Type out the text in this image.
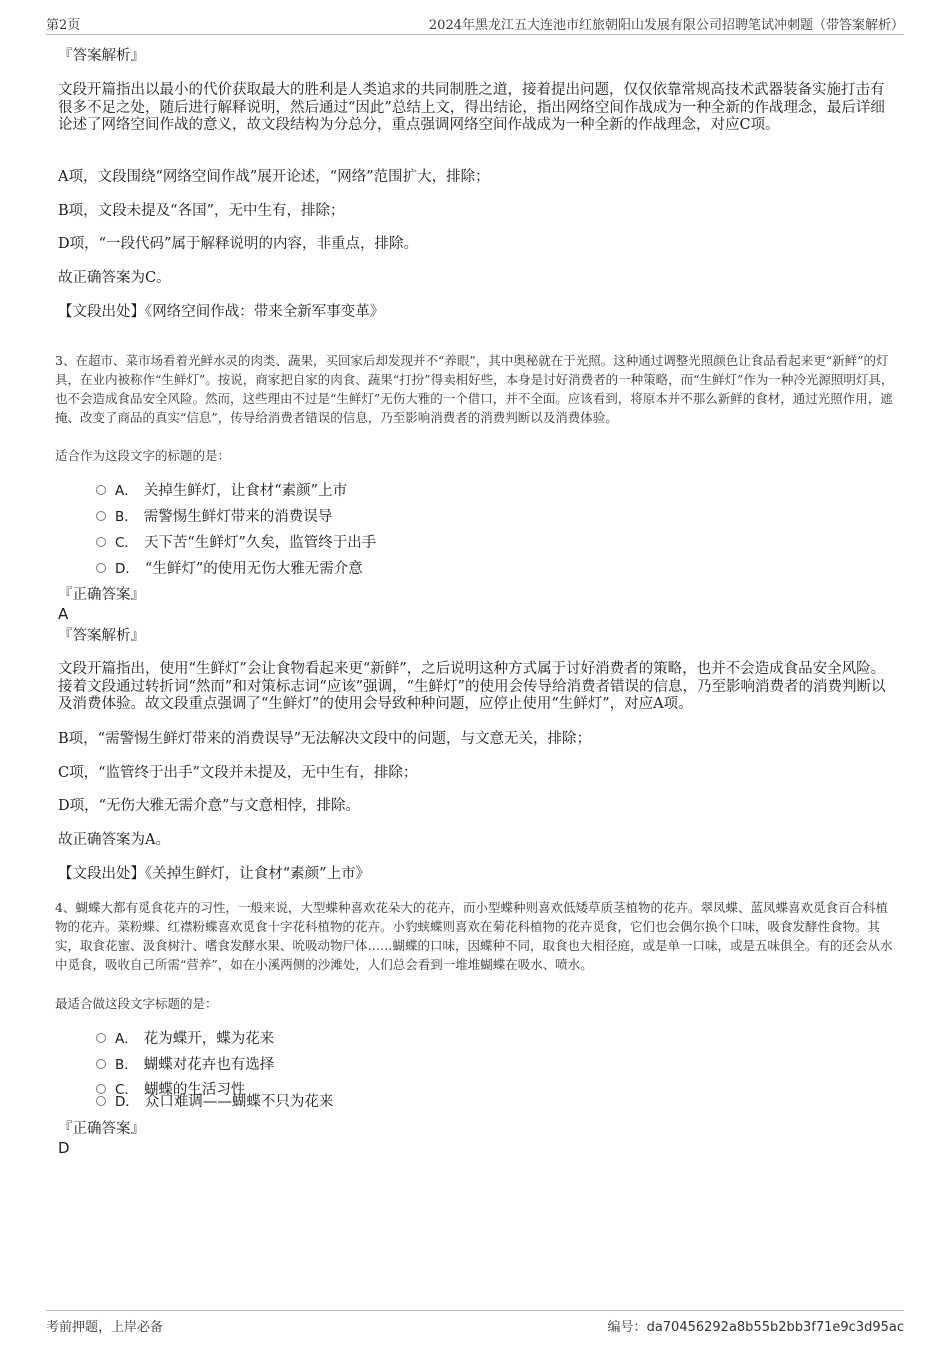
第2页	2024年黑龙江五大连池市红旅朝阳山发展有限公司招聘笔试冲刺题（带答案解析）

『答案解析』

文段开篇指出以最小的代价获取最大的胜利是人类追求的共同制胜之道，接着提出问题，仅仅依靠常规高技术武器装备实施打击有很多不足之处，随后进行解释说明，然后通过“因此”总结上文，得出结论，指出网络空间作战成为一种全新的作战理念，最后详细论述了网络空间作战的意义，故文段结构为分总分，重点强调网络空间作战成为一种全新的作战理念，对应C项。

A项，文段围绕“网络空间作战”展开论述，“网络”范围扩大，排除；

B项，文段未提及“各国”，无中生有，排除；

D项，“一段代码”属于解释说明的内容，非重点，排除。

故正确答案为C。

【文段出处】《网络空间作战：带来全新军事变革》

3、在超市、菜市场看着光鲜水灵的肉类、蔬果，买回家后却发现并不“养眼”，其中奥秘就在于光照。这种通过调整光照颜色让食品看起来更“新鲜”的灯具，在业内被称作“生鲜灯”。按说，商家把自家的肉食、蔬果“打扮”得卖相好些，本身是讨好消费者的一种策略，而“生鲜灯”作为一种冷光源照明灯具，也不会造成食品安全风险。然而，这些理由不过是“生鲜灯”无伤大雅的一个借口，并不全面。应该看到，将原本并不那么新鲜的食材，通过光照作用，遮掩、改变了商品的真实“信息”，传导给消费者错误的信息，乃至影响消费者的消费判断以及消费体验。

适合作为这段文字的标题的是：

A． 关掉生鲜灯，让食材“素颜”上市
B． 需警惕生鲜灯带来的消费误导
C． 天下苦“生鲜灯”久矣，监管终于出手
D． “生鲜灯”的使用无伤大雅无需介意

『正确答案』

A

『答案解析』

文段开篇指出，使用“生鲜灯”会让食物看起来更“新鲜”，之后说明这种方式属于讨好消费者的策略，也并不会造成食品安全风险。接着文段通过转折词“然而”和对策标志词“应该”强调，“生鲜灯”的使用会传导给消费者错误的信息，乃至影响消费者的消费判断以及消费体验。故文段重点强调了“生鲜灯”的使用会导致种种问题，应停止使用“生鲜灯”，对应A项。

B项，“需警惕生鲜灯带来的消费误导”无法解决文段中的问题，与文意无关，排除；

C项，“监管终于出手”文段并未提及，无中生有，排除；

D项，“无伤大雅无需介意”与文意相悖，排除。

故正确答案为A。

【文段出处】《关掉生鲜灯，让食材“素颜”上市》

4、蝴蝶大都有觅食花卉的习性，一般来说，大型蝶种喜欢花朵大的花卉，而小型蝶种则喜欢低矮草质茎植物的花卉。翠凤蝶、蓝凤蝶喜欢觅食百合科植物的花卉。菜粉蝶、红襟粉蝶喜欢觅食十字花科植物的花卉。小豹蛱蝶则喜欢在菊花科植物的花卉觅食，它们也会偶尔换个口味，吸食发酵性食物。其实，取食花蜜、汲食树汁、嗜食发酵水果、吮吸动物尸体……蝴蝶的口味，因蝶种不同，取食也大相径庭，或是单一口味，或是五味俱全。有的还会从水中觅食，吸收自己所需“营养”，如在小溪两侧的沙滩处，人们总会看到一堆堆蝴蝶在吸水、喷水。

最适合做这段文字标题的是：

A． 花为蝶开，蝶为花来
B． 蝴蝶对花卉也有选择
C． 蝴蝶的生活习性
D． 众口难调——蝴蝶不只为花来

『正确答案』

D

考前押题，上岸必备	编号：da70456292a8b55b2bb3f71e9c3d95ac
